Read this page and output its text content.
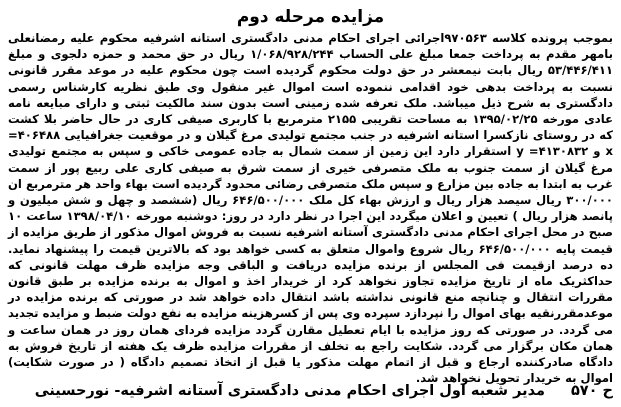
مزایده مرحله دوم

بموجب پرونده کلاسه ۹۷۰۵۶۳اجرائی اجرای احکام مدنی دادگستری استانه اشرفیه محکوم علیه رمضانعلی بامهر مقدم به پرداخت جمعا مبلغ علی الحساب ۱/۰۶۸/۹۲۸/۲۴۴ ریال در حق محمد و حمزه دلجوی و مبلغ ۵۳/۴۴۶/۴۱۱ ریال بابت نیمعشر در حق دولت محکوم گردیده است چون محکوم علیه در موعد مقرر قانونی نسبت به پرداخت بدهی خود اقدامی ننموده است اموال غیر منقول وی طبق نظریه کارشناس رسمی دادگستری به شرح ذیل میباشد. ملک تعرفه شده زمینی است بدون سند مالکیت ثبتی و دارای مبایعه نامه عادی مورخه ۱۳۹۵/۰۲/۲۵ به مساحت تقریبی ۲۱۵۵ مترمربع با کاربری صیفی کاری در حال حاضر بلا کشت که در روستای نازکسرا استانه اشرفیه در جنب مجتمع تولیدی مرغ گیلان و در موقعیت جغرافیایی ۴۰۶۴۸۸= x و ۴۱۳۰۸۳۲= y استقرار دارد این زمین از سمت شمال به جاده عمومی خاکی و سپس به مجتمع تولیدی مرغ گیلان از سمت جنوب به ملک متصرفی خیری از سمت شرق به صیفی کاری علی ربیع پور از سمت غرب به ابتدا به جاده بین مزارع و سپس ملک متصرفی رضائی محدود گردیده است بهاء واحد هر مترمربع ان ۳۰۰/۰۰۰ ریال سیصد هزار ریال و ارزش بهاء کل ملک ۶۴۶/۵۰۰/۰۰۰ ریال (ششصد و چهل و شش میلیون و پانصد هزار ریال ) تعیین و اعلان میگردد این اجرا در نظر دارد در روز: دوشنبه مورخه ۱۳۹۸/۰۴/۱۰ ساعت ۱۰ صبح در محل اجرای احکام مدنی دادگستری آستانه اشرفیه نسبت به فروش اموال مذکور از طریق مزایده از قیمت پایه ۶۴۶/۵۰۰/۰۰۰ ریال شروع واموال متعلق به کسی خواهد بود که بالاترین قیمت را پیشنهاد نماید. ده درصد ازقیمت فی المجلس از برنده مزایده دریافت و الباقی وجه مزایده ظرف مهلت قانونی که حداکثریک ماه از تاریخ مزایده تجاوز نخواهد کرد از خریدار اخذ و اموال به برنده مزایده بر طبق قانون مقررات انتقال و چنانچه منع قانونی نداشته باشد انتقال داده خواهد شد در صورتی که برنده مزایده در موعدمقررنقیه بهای اموال را نپردازد سپرده وی پس از کسرهزینه مزایده به نفع دولت ضبط و مزایده تجدید می گردد. در صورتی که روز مزایده با ایام تعطیل مقارن گردد مزایده فردای همان روز در همان ساعت و همان مکان برگزار می گردد. شکایت راجع به تخلف از مقررات مزایده ظرف یک هفته از تاریخ فروش به دادگاه صادرکننده ارجاع و قبل از اتمام مهلت مذکور یا قبل از اتخاذ تصمیم دادگاه ( در صورت شکایت) اموال به خریدار تحویل نخواهد شد.

ح ۵۷۰
مدیر شعبه اول اجرای احکام مدنی دادگستری آستانه اشرفیه- نورحسینی
